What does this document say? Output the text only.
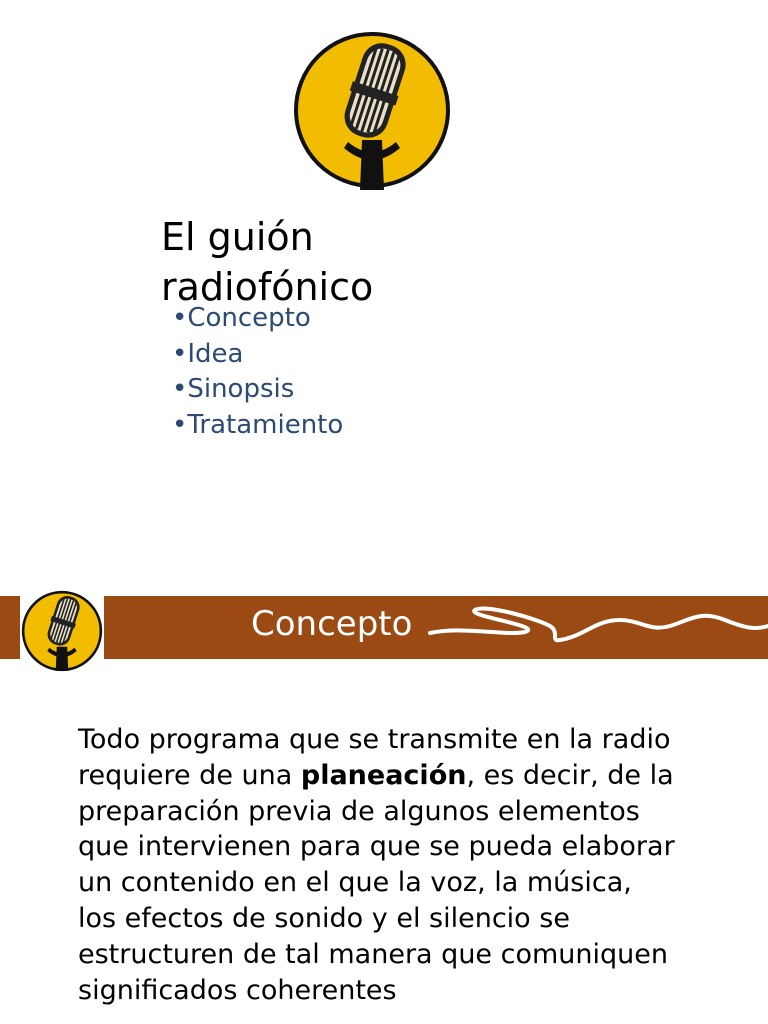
El guión radiofónico
•Concepto
•Idea
•Sinopsis
•Tratamiento
Concepto

Todo programa que se transmite en la radio requiere de una planeación, es decir, de la preparación previa de algunos elementos que intervienen para que se pueda elaborar un contenido en el que la voz, la música, los efectos de sonido y el silencio se estructuren de tal manera que comuniquen significados coherentes
